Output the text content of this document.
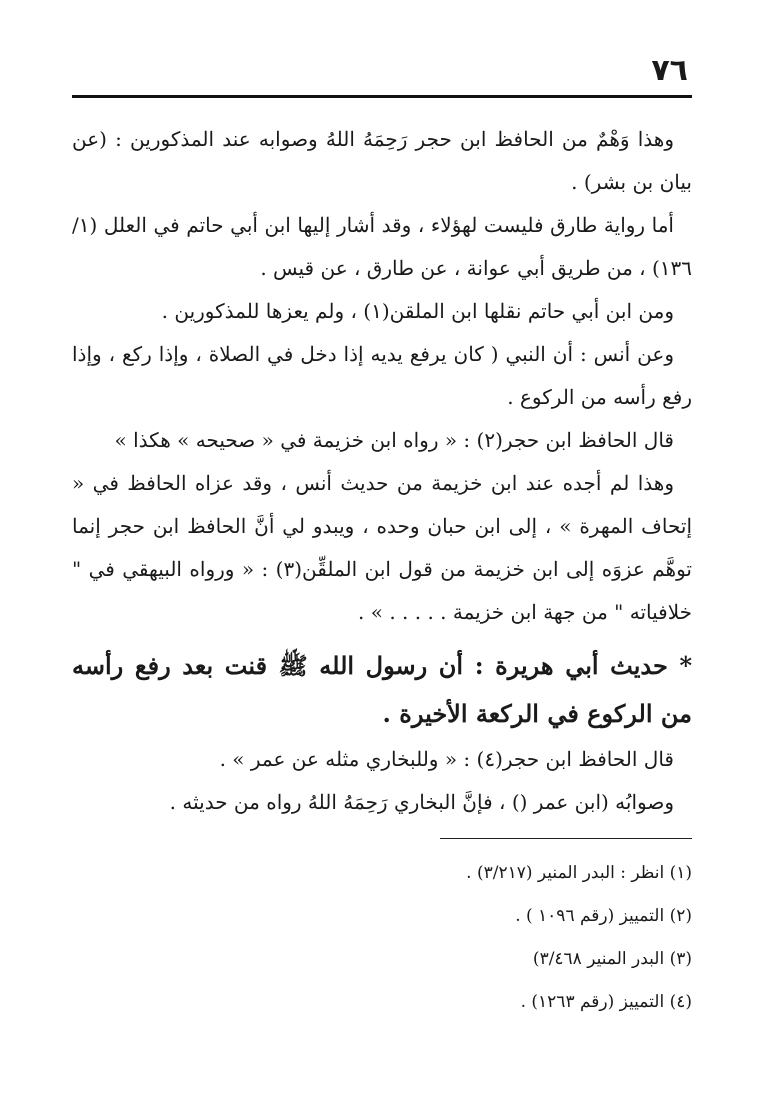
٧٦

وهذا وَهْمٌ من الحافظ ابن حجر رَحِمَهُ اللهُ وصوابه عند المذكورين : (عن بيان بن بشر) .

أما رواية طارق فليست لهؤلاء ، وقد أشار إليها ابن أبي حاتم في العلل (١/ ١٣٦) ، من طريق أبي عوانة ، عن طارق ، عن قيس .

ومن ابن أبي حاتم نقلها ابن الملقن(١) ، ولم يعزها للمذكورين .

وعن أنس : أن النبي ( كان يرفع يديه إذا دخل في الصلاة ، وإذا ركع ، وإذا رفع رأسه من الركوع .

قال الحافظ ابن حجر(٢) : « رواه ابن خزيمة في « صحيحه » هكذا »

وهذا لم أجده عند ابن خزيمة من حديث أنس ، وقد عزاه الحافظ في « إتحاف المهرة » ، إلى ابن حبان وحده ، ويبدو لي أنَّ الحافظ ابن حجر إنما توهَّم عزوَه إلى ابن خزيمة من قول ابن الملقِّن(٣) : « ورواه البيهقي في " خلافياته " من جهة ابن خزيمة . . . . . » .

* حديث أبي هريرة : أن رسول الله ﷺ قنت بعد رفع رأسه من الركوع في الركعة الأخيرة .

قال الحافظ ابن حجر(٤) : « وللبخاري مثله عن عمر » .

وصوابُه (ابن عمر () ، فإنَّ البخاري رَحِمَهُ اللهُ رواه من حديثه .

(١) انظر : البدر المنير (٣/٢١٧) .

(٢) التمييز (رقم ١٠٩٦ ) .

(٣) البدر المنير ٣/٤٦٨)

(٤) التمييز (رقم ١٢٦٣) .
